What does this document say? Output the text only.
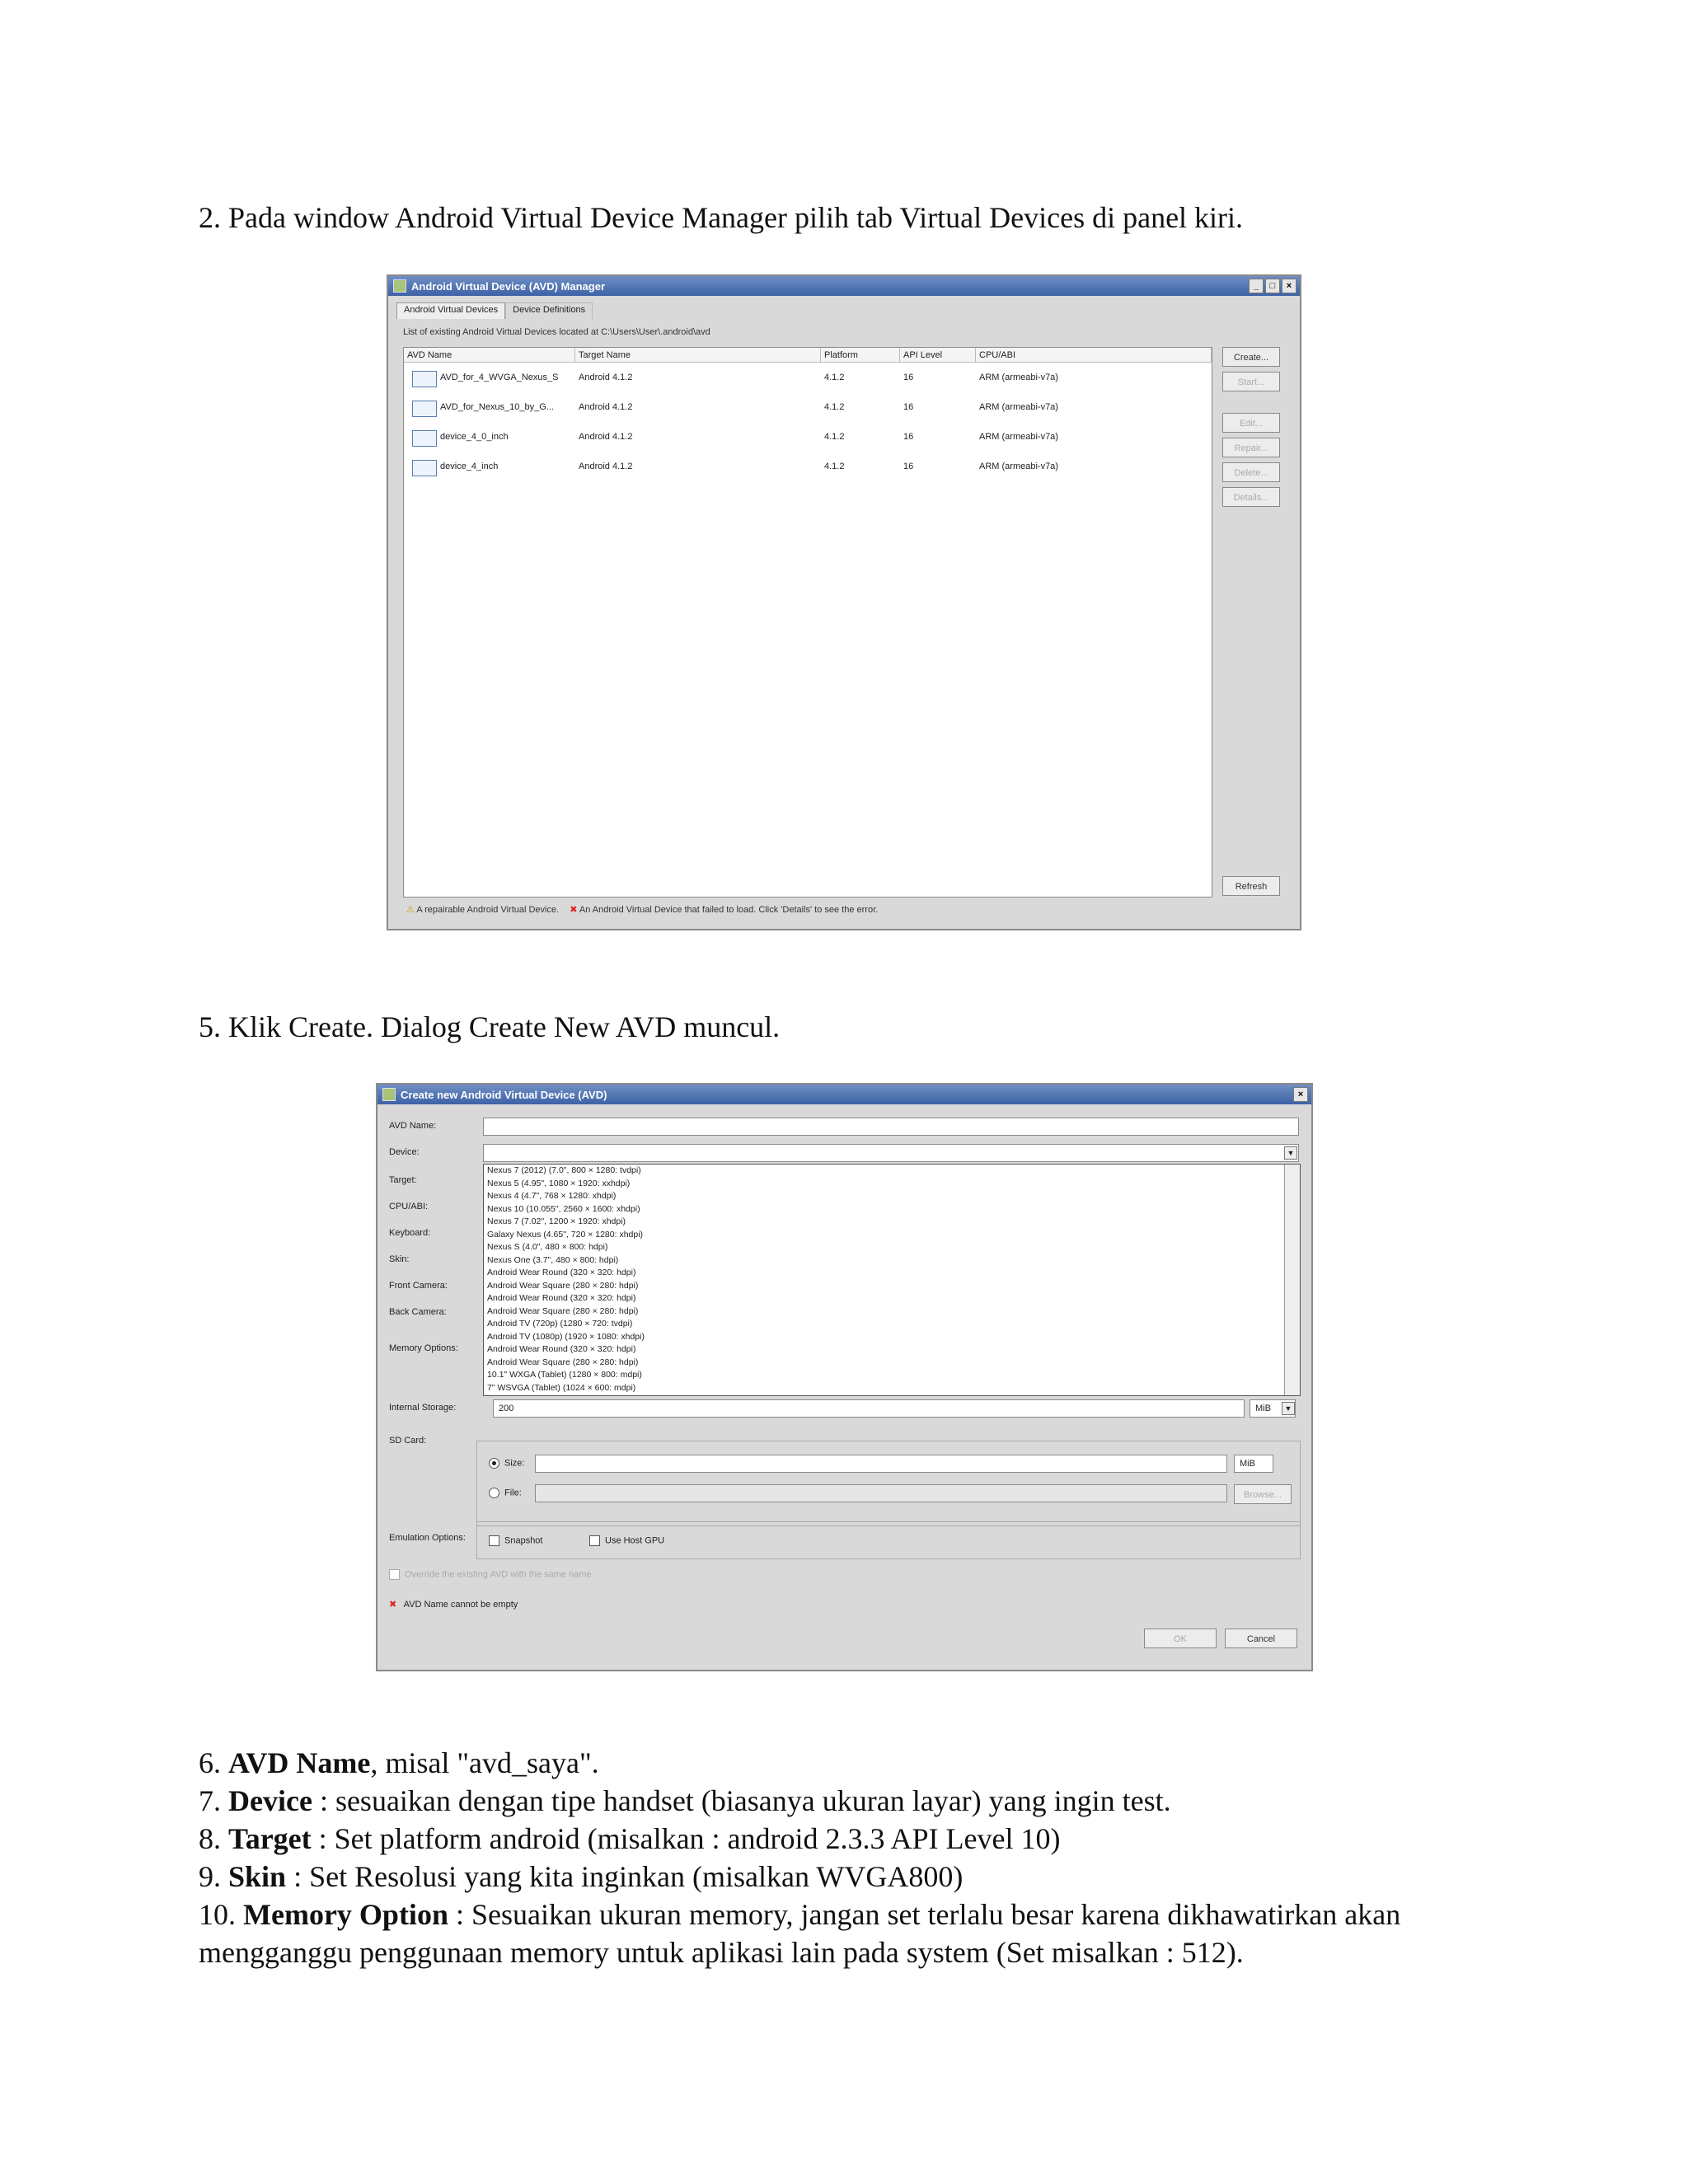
2. Pada window Android Virtual Device Manager pilih tab Virtual Devices di panel kiri.
Android Virtual Device (AVD) Manager	_	□	×
Android Virtual Devices	Device Definitions
List of existing Android Virtual Devices located at C:\Users\User\.android\avd
AVD Name	Target Name	Platform	API Level	CPU/ABI
AVD_for_4_WVGA_Nexus_S Android 4.1.2	4.1.2	16	ARM (armeabi-v7a)
AVD_for_Nexus_10_by_G...	Android 4.1.2	4.1.2	16	ARM (armeabi-v7a)
device_4_0_inch	Android 4.1.2	4.1.2	16	ARM (armeabi-v7a)
device_4_inch	Android 4.1.2	4.1.2	16	ARM (armeabi-v7a)
Create...
Start...
Edit...
Repair...
Delete...
Details...
Refresh
⚠ A repairable Android Virtual Device. ✖ An Android Virtual Device that failed to load. Click 'Details' to see the error.
5. Klik Create. Dialog Create New AVD muncul.
Create new Android Virtual Device (AVD)	×
AVD Name:
Device:	▼
Target:
CPU/ABI:
Keyboard:
Skin:
Front Camera:
Back Camera:
Memory Options:
Nexus 7 (2012) (7.0", 800 × 1280: tvdpi)
Nexus 5 (4.95", 1080 × 1920: xxhdpi)
Nexus 4 (4.7", 768 × 1280: xhdpi)
Nexus 10 (10.055", 2560 × 1600: xhdpi)
Nexus 7 (7.02", 1200 × 1920: xhdpi)
Galaxy Nexus (4.65", 720 × 1280: xhdpi)
Nexus S (4.0", 480 × 800: hdpi)
Nexus One (3.7", 480 × 800: hdpi)
Android Wear Round (320 × 320: hdpi)
Android Wear Square (280 × 280: hdpi)
Android Wear Round (320 × 320: hdpi)
Android Wear Square (280 × 280: hdpi)
Android TV (720p) (1280 × 720: tvdpi)
Android TV (1080p) (1920 × 1080: xhdpi)
Android Wear Round (320 × 320: hdpi)
Android Wear Square (280 × 280: hdpi)
10.1" WXGA (Tablet) (1280 × 800: mdpi)
7" WSVGA (Tablet) (1024 × 600: mdpi)
Internal Storage:	200	MiB	▼
SD Card:
Size:	MiB
File:	Browse...
Emulation Options:	Snapshot	Use Host GPU
Override the existing AVD with the same name
✖ AVD Name cannot be empty
OK	Cancel

6. AVD Name, misal "avd_saya".

7. Device : sesuaikan dengan tipe handset (biasanya ukuran layar) yang ingin test.

8. Target : Set platform android (misalkan : android 2.3.3 API Level 10)

9. Skin : Set Resolusi yang kita inginkan (misalkan WVGA800)

10. Memory Option : Sesuaikan ukuran memory, jangan set terlalu besar karena dikhawatirkan akan mengganggu penggunaan memory untuk aplikasi lain pada system (Set misalkan : 512).
